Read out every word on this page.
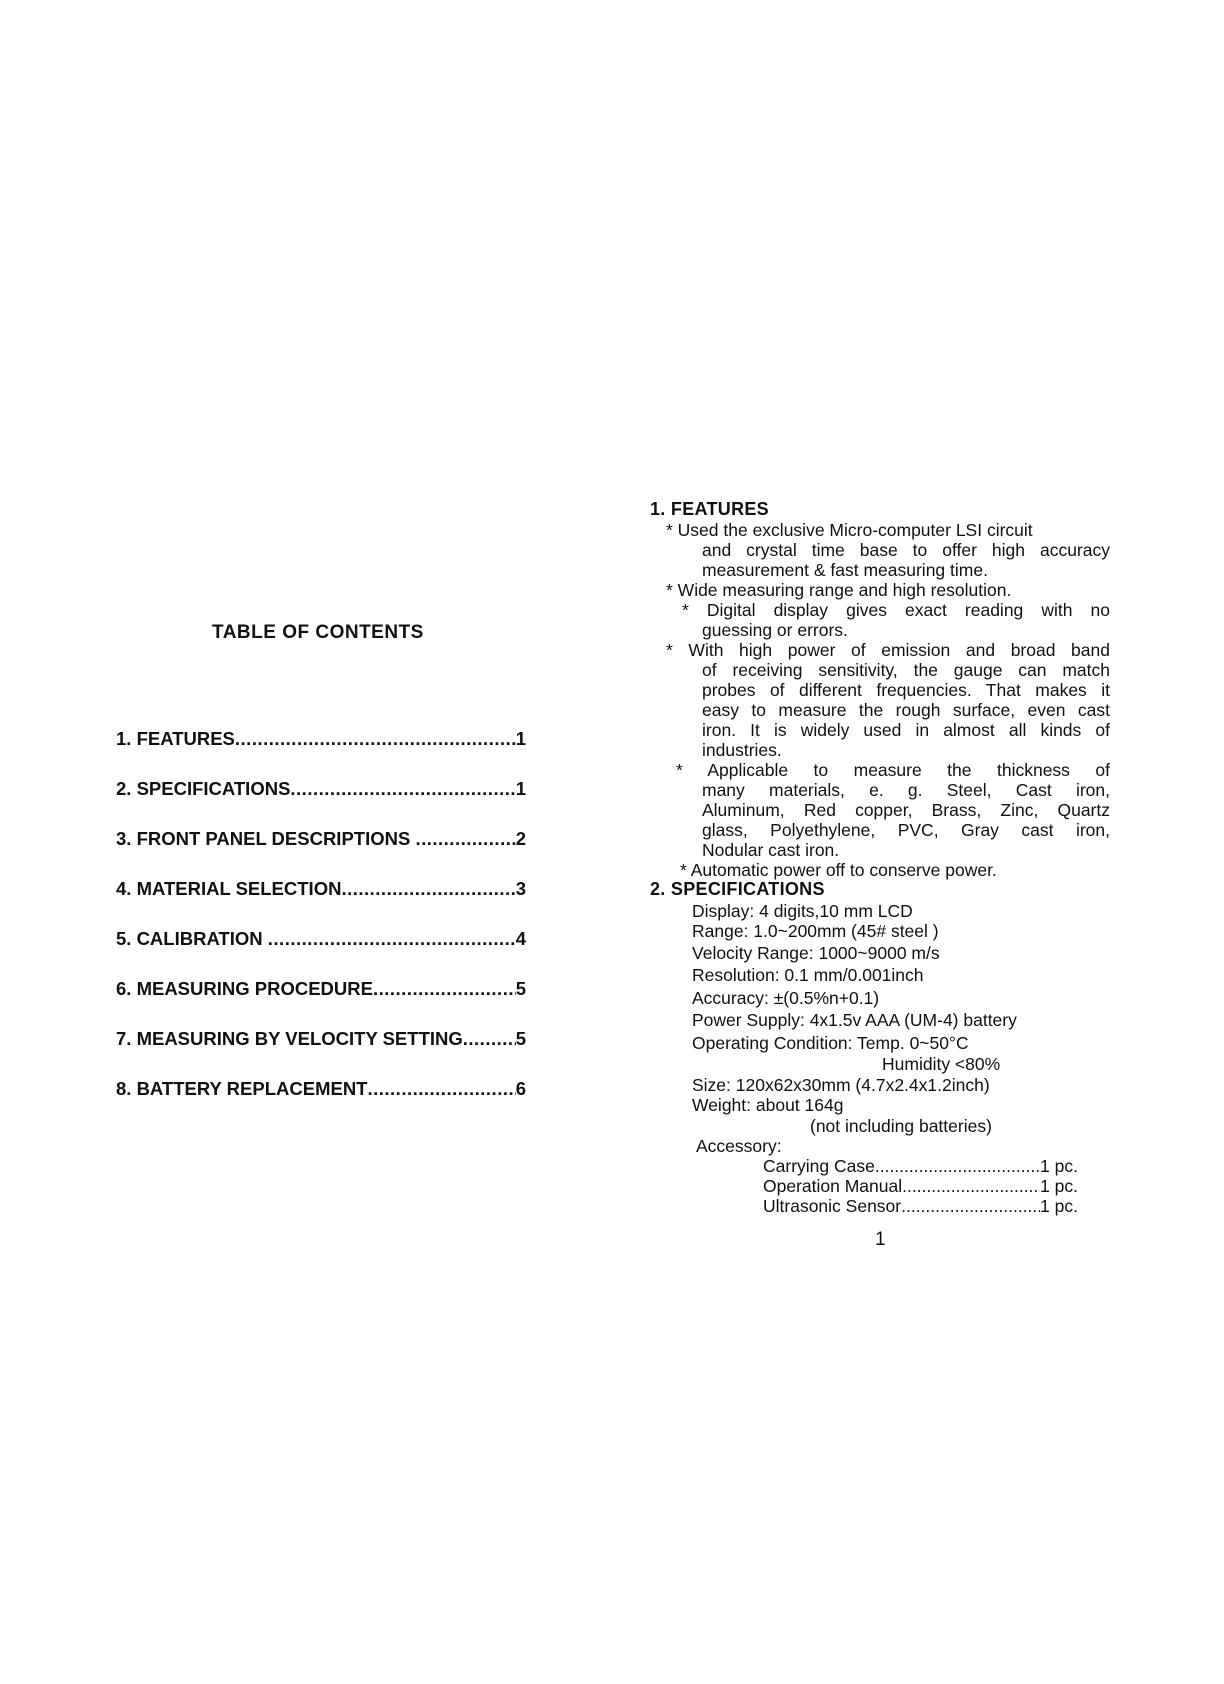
TABLE OF CONTENTS
1. FEATURES .....	1
2. SPECIFICATIONS .....	1
3. FRONT PANEL DESCRIPTIONS .....	2
4. MATERIAL SELECTION .....	3
5. CALIBRATION .....	4
6. MEASURING PROCEDURE .....	5
7. MEASURING BY VELOCITY SETTING .....	5
8. BATTERY REPLACEMENT .....	6
1. FEATURES
* Used the exclusive Micro-computer LSI circuit
and crystal time base to offer high accuracy
measurement & fast measuring time.
* Wide measuring range and high resolution.
* Digital display gives exact reading with no
guessing or errors.
* With high power of emission and broad band
of receiving sensitivity, the gauge can match
probes of different frequencies. That makes it
easy to measure the rough surface, even cast
iron. It is widely used in almost all kinds of
industries.
* Applicable to measure the thickness of
many materials, e. g. Steel, Cast iron,
Aluminum, Red copper, Brass, Zinc, Quartz
glass, Polyethylene, PVC, Gray cast iron,
Nodular cast iron.
* Automatic power off to conserve power.
2. SPECIFICATIONS
Display: 4 digits,10 mm LCD
Range: 1.0~200mm (45# steel )
Velocity Range: 1000~9000 m/s
Resolution: 0.1 mm/0.001inch
Accuracy: ±(0.5%n+0.1)
Power Supply: 4x1.5v AAA (UM-4) battery
Operating Condition: Temp. 0~50°C
Humidity <80%
Size: 120x62x30mm (4.7x2.4x1.2inch)
Weight: about 164g
(not including batteries)
Accessory:
Carrying Case .....	1 pc.
Operation Manual .....	1 pc.
Ultrasonic Sensor .....	1 pc.
1
